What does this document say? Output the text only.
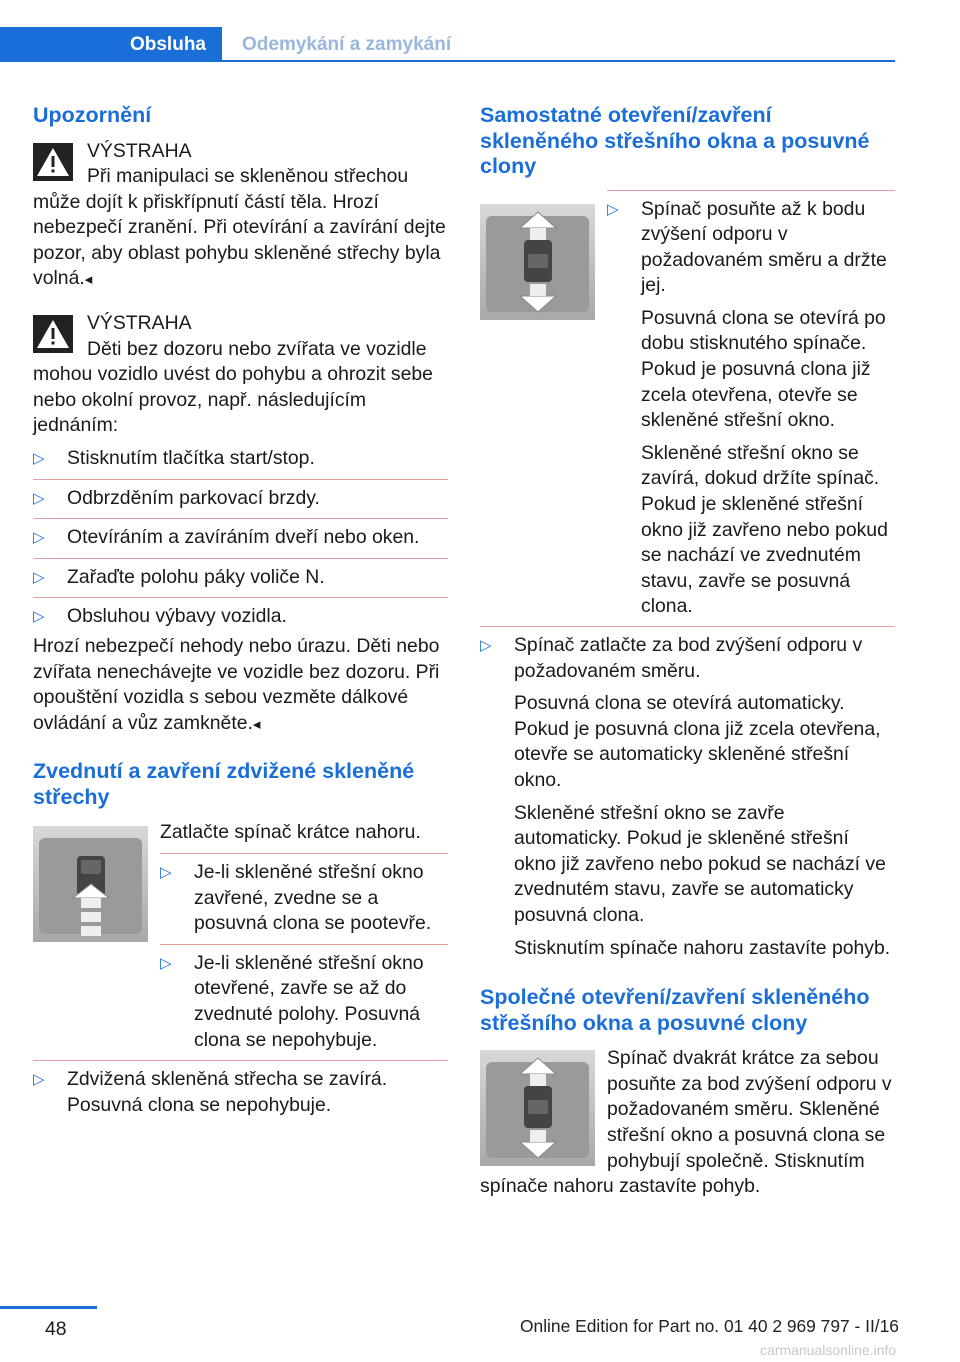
Obsluha	Odemykání a zamykání
Upozornění
VÝSTRAHA
Při manipulaci se skleněnou střechou může dojít k přiskřípnutí částí těla. Hrozí nebezpečí zranění. Při otevírání a zavírání dejte pozor, aby oblast pohybu skleněné střechy byla volná.◂
VÝSTRAHA
Děti bez dozoru nebo zvířata ve vozidle mohou vozidlo uvést do pohybu a ohrozit sebe nebo okolní provoz, např. následujícím jednáním:
▷ Stisknutím tlačítka start/stop.
▷ Odbrzděním parkovací brzdy.
▷ Otevíráním a zavíráním dveří nebo oken.
▷ Zařaďte polohu páky voliče N.
▷ Obsluhou výbavy vozidla.

Hrozí nebezpečí nehody nebo úrazu. Děti nebo zvířata nenechávejte ve vozidle bez dozoru. Při opouštění vozidla s sebou vezměte dálkové ovládání a vůz zamkněte.◂

Zvednutí a zavření zdvižené skleněné střechy

Zatlačte spínač krátce nahoru.

▷ Je-li skleněné střešní okno zavřené, zvedne se a posuvná clona se pootevře.
▷ Je-li skleněné střešní okno otevřené, zavře se až do zvednuté polohy. Posuvná clona se nepohybuje.
▷ Zdvižená skleněná střecha se zavírá. Posuvná clona se nepohybuje.
Samostatné otevření/zavření skleněného střešního okna a posuvné clony
▷ Spínač posuňte až k bodu zvýšení odporu v požadovaném směru a držte jej.

Posuvná clona se otevírá po dobu stisknutého spínače. Pokud je posuvná clona již zcela otevřena, otevře se skleněné střešní okno.

Skleněné střešní okno se zavírá, dokud držíte spínač. Pokud je skleněné střešní okno již zavřeno nebo pokud se nachází ve zvednutém stavu, zavře se posuvná clona.

▷ Spínač zatlačte za bod zvýšení odporu v požadovaném směru.

Posuvná clona se otevírá automaticky. Pokud je posuvná clona již zcela otevřena, otevře se automaticky skleněné střešní okno.

Skleněné střešní okno se zavře automaticky. Pokud je skleněné střešní okno již zavřeno nebo pokud se nachází ve zvednutém stavu, zavře se automaticky posuvná clona.

Stisknutím spínače nahoru zastavíte pohyb.

Společné otevření/zavření skleněného střešního okna a posuvné clony

Spínač dvakrát krátce za sebou posuňte za bod zvýšení odporu v požadovaném směru. Skleněné střešní okno a posuvná clona se pohybují společně. Stisknutím spínače nahoru zastavíte pohyb.

48	Online Edition for Part no. 01 40 2 969 797 - II/16
carmanualsonline.info
